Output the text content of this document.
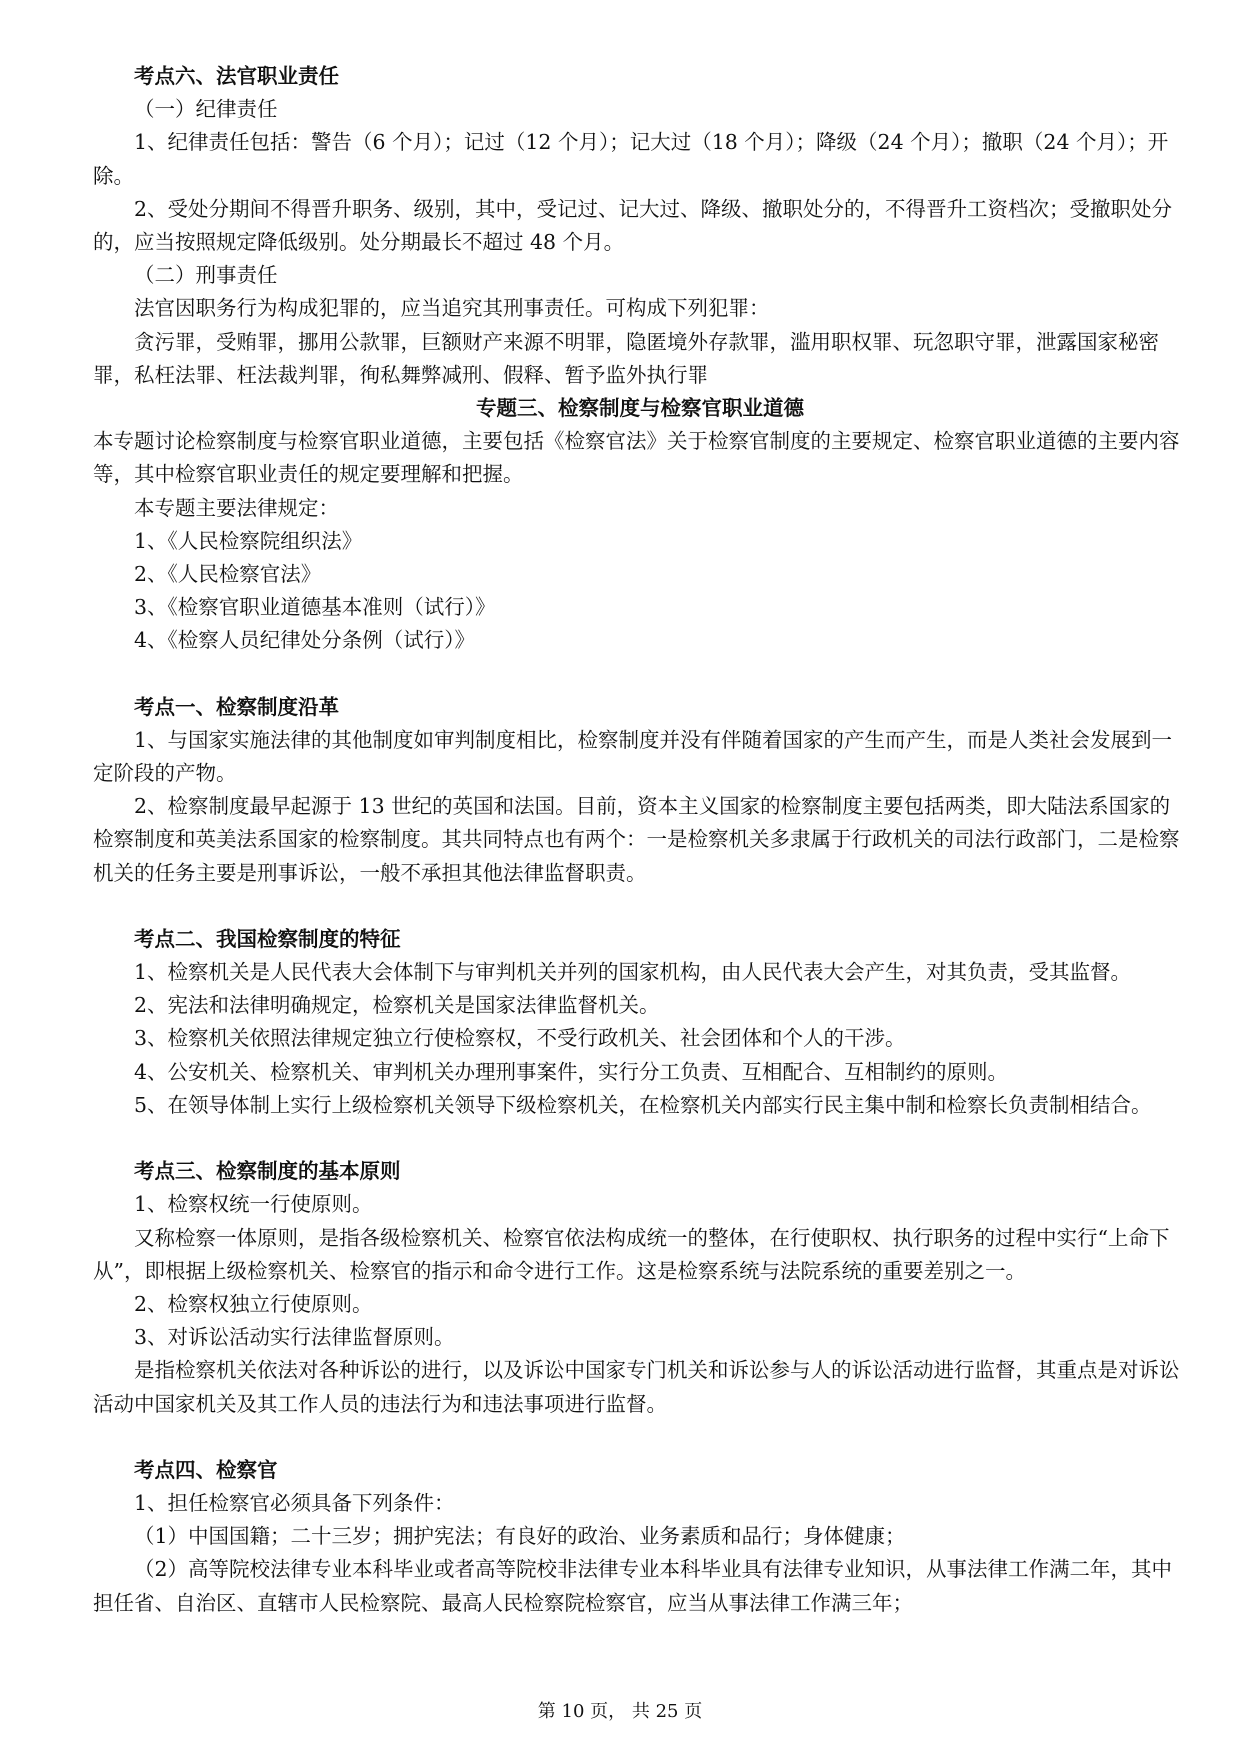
考点六、法官职业责任

（一）纪律责任

1、纪律责任包括：警告（6 个月）；记过（12 个月）；记大过（18 个月）；降级（24 个月）；撤职（24 个月）；开除。

2、受处分期间不得晋升职务、级别，其中，受记过、记大过、降级、撤职处分的，不得晋升工资档次；受撤职处分的，应当按照规定降低级别。处分期最长不超过 48 个月。

（二）刑事责任

法官因职务行为构成犯罪的，应当追究其刑事责任。可构成下列犯罪：

贪污罪，受贿罪，挪用公款罪，巨额财产来源不明罪，隐匿境外存款罪，滥用职权罪、玩忽职守罪，泄露国家秘密罪，私枉法罪、枉法裁判罪，徇私舞弊减刑、假释、暂予监外执行罪

专题三、检察制度与检察官职业道德

本专题讨论检察制度与检察官职业道德，主要包括《检察官法》关于检察官制度的主要规定、检察官职业道德的主要内容等，其中检察官职业责任的规定要理解和把握。

本专题主要法律规定：

1、《人民检察院组织法》

2、《人民检察官法》

3、《检察官职业道德基本准则（试行）》

4、《检察人员纪律处分条例（试行）》

考点一、检察制度沿革

1、与国家实施法律的其他制度如审判制度相比，检察制度并没有伴随着国家的产生而产生，而是人类社会发展到一定阶段的产物。

2、检察制度最早起源于 13 世纪的英国和法国。目前，资本主义国家的检察制度主要包括两类，即大陆法系国家的检察制度和英美法系国家的检察制度。其共同特点也有两个：一是检察机关多隶属于行政机关的司法行政部门，二是检察机关的任务主要是刑事诉讼，一般不承担其他法律监督职责。

考点二、我国检察制度的特征

1、检察机关是人民代表大会体制下与审判机关并列的国家机构，由人民代表大会产生，对其负责，受其监督。

2、宪法和法律明确规定，检察机关是国家法律监督机关。

3、检察机关依照法律规定独立行使检察权，不受行政机关、社会团体和个人的干涉。

4、公安机关、检察机关、审判机关办理刑事案件，实行分工负责、互相配合、互相制约的原则。

5、在领导体制上实行上级检察机关领导下级检察机关，在检察机关内部实行民主集中制和检察长负责制相结合。

考点三、检察制度的基本原则

1、检察权统一行使原则。

又称检察一体原则，是指各级检察机关、检察官依法构成统一的整体，在行使职权、执行职务的过程中实行“上命下从”，即根据上级检察机关、检察官的指示和命令进行工作。这是检察系统与法院系统的重要差别之一。

2、检察权独立行使原则。

3、对诉讼活动实行法律监督原则。

是指检察机关依法对各种诉讼的进行，以及诉讼中国家专门机关和诉讼参与人的诉讼活动进行监督，其重点是对诉讼活动中国家机关及其工作人员的违法行为和违法事项进行监督。

考点四、检察官

1、担任检察官必须具备下列条件：

（1）中国国籍；二十三岁；拥护宪法；有良好的政治、业务素质和品行；身体健康；

（2）高等院校法律专业本科毕业或者高等院校非法律专业本科毕业具有法律专业知识，从事法律工作满二年，其中担任省、自治区、直辖市人民检察院、最高人民检察院检察官，应当从事法律工作满三年；

第 10 页， 共 25 页
